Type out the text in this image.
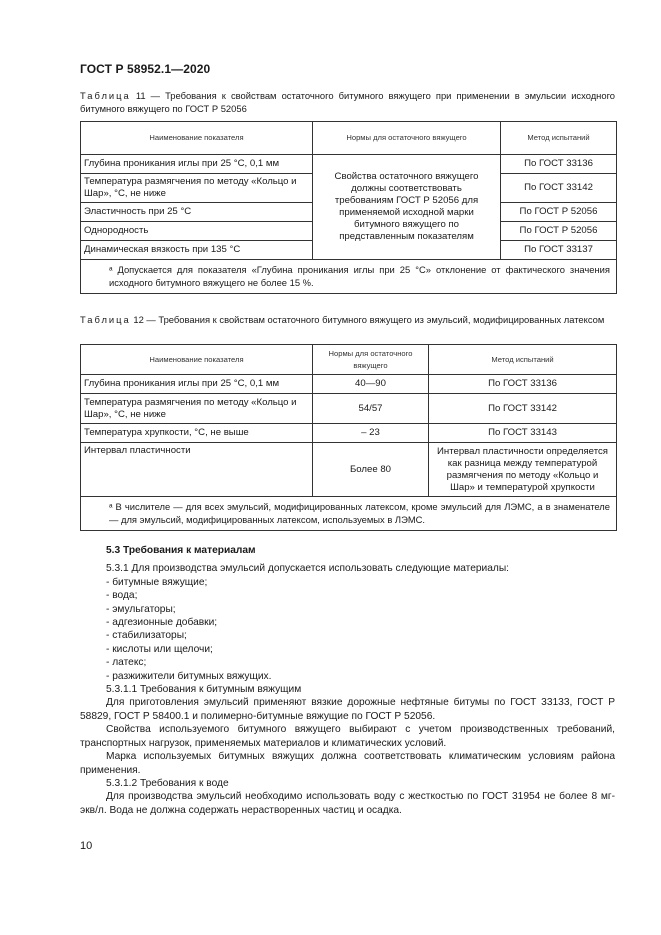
ГОСТ Р 58952.1—2020
Таблица 11 — Требования к свойствам остаточного битумного вяжущего при применении в эмульсии исходного битумного вяжущего по ГОСТ Р 52056
Наименование показателя	Нормы для остаточного вяжущего	Метод испытаний
Глубина проникания иглы при 25 °С, 0,1 мм	Свойства остаточного вяжущего должны соответствовать требованиям ГОСТ Р 52056 для применяемой исходной марки битумного вяжущего по представленным показателям	По ГОСТ 33136
Температура размягчения по методу «Кольцо и Шар», °С, не ниже		По ГОСТ 33142
Эластичность при 25 °С		По ГОСТ Р 52056
Однородность		По ГОСТ Р 52056
Динамическая вязкость при 135 °С		По ГОСТ 33137
ᵃ Допускается для показателя «Глубина проникания иглы при 25 °С» отклонение от фактического значения исходного битумного вяжущего не более 15 %.		
Таблица 12 — Требования к свойствам остаточного битумного вяжущего из эмульсий, модифицированных латексом
Наименование показателя	Нормы для остаточного вяжущего	Метод испытаний
Глубина проникания иглы при 25 °С, 0,1 мм	40—90	По ГОСТ 33136
Температура размягчения по методу «Кольцо и Шар», °С, не ниже	54/57	По ГОСТ 33142
Температура хрупкости, °С, не выше	– 23	По ГОСТ 33143
Интервал пластичности	Более 80	Интервал пластичности определяется как разница между температурой размягчения по методу «Кольцо и Шар» и температурой хрупкости
ᵃ В числителе — для всех эмульсий, модифицированных латексом, кроме эмульсий для ЛЭМС, а в знаменателе — для эмульсий, модифицированных латексом, используемых в ЛЭМС.		

5.3 Требования к материалам

5.3.1 Для производства эмульсий допускается использовать следующие материалы:

- битумные вяжущие;

- вода;

- эмульгаторы;

- адгезионные добавки;

- стабилизаторы;

- кислоты или щелочи;

- латекс;

- разжижители битумных вяжущих.

5.3.1.1 Требования к битумным вяжущим

Для приготовления эмульсий применяют вязкие дорожные нефтяные битумы по ГОСТ 33133, ГОСТ Р 58829, ГОСТ Р 58400.1 и полимерно-битумные вяжущие по ГОСТ Р 52056.

Свойства используемого битумного вяжущего выбирают с учетом производственных требований, транспортных нагрузок, применяемых материалов и климатических условий.

Марка используемых битумных вяжущих должна соответствовать климатическим условиям района применения.

5.3.1.2 Требования к воде

Для производства эмульсий необходимо использовать воду с жесткостью по ГОСТ 31954 не более 8 мг-экв/л. Вода не должна содержать нерастворенных частиц и осадка.

10
